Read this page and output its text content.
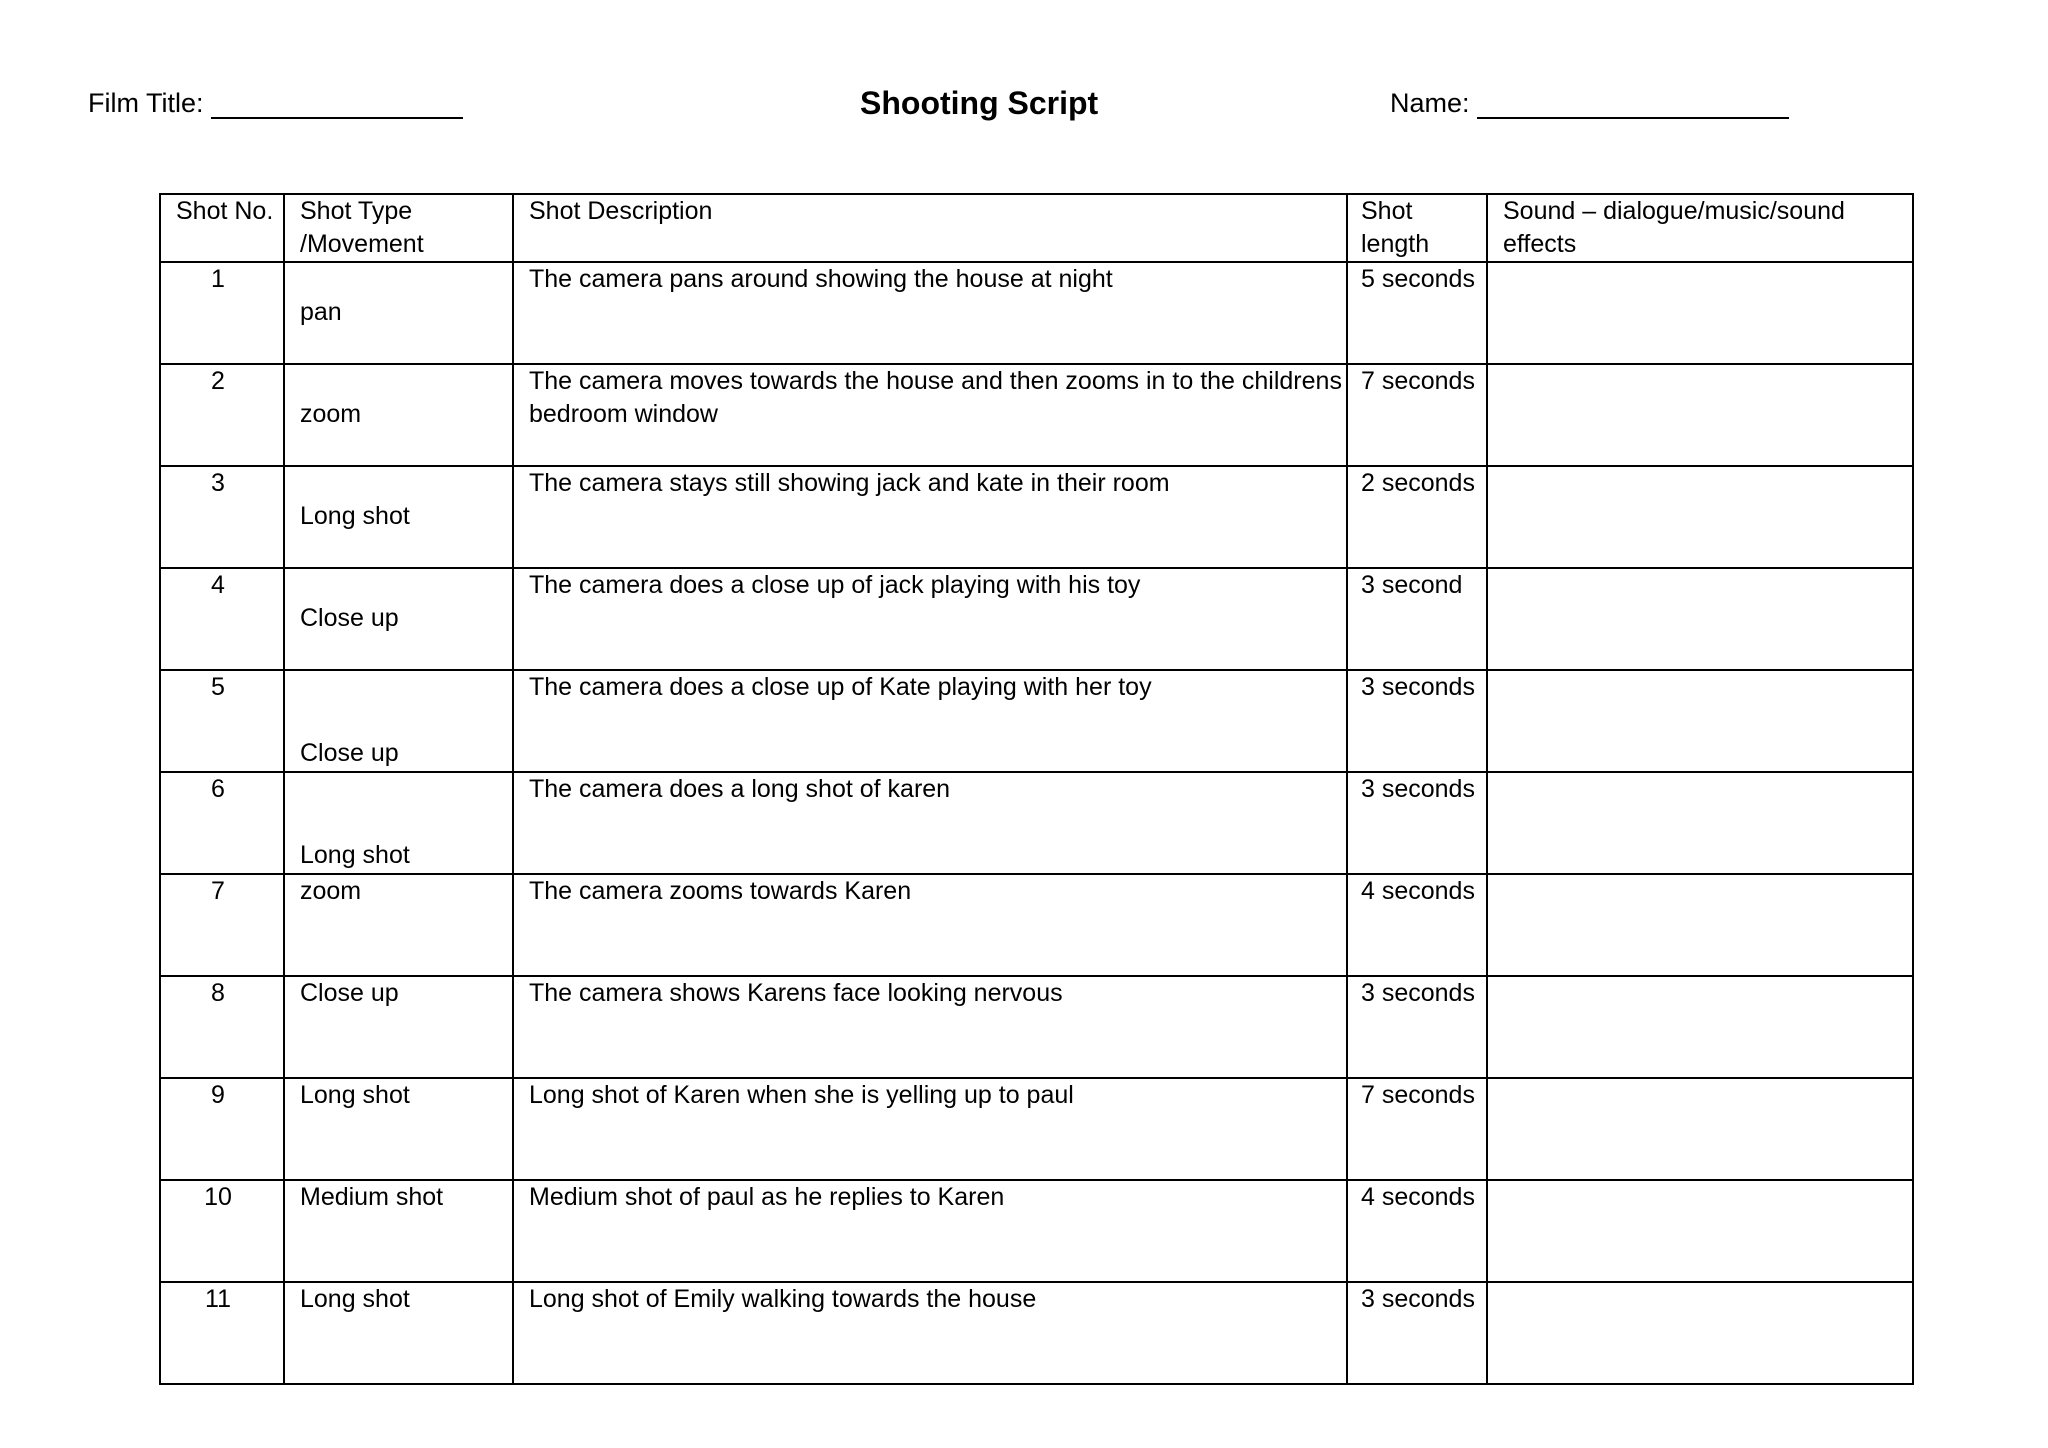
Film Title:	Shooting Script	Name:
Shot No.	Shot Type /Movement	Shot Description	Shot length	Sound – dialogue/music/sound effects
1	pan	The camera pans around showing the house at night	5 seconds	
2	zoom	The camera moves towards the house and then zooms in to the childrens bedroom window	7 seconds	
3	Long shot	The camera stays still showing jack and kate in their room	2 seconds	
4	Close up	The camera does a close up of jack playing with his toy	3 second	
5	Close up	The camera does a close up of Kate playing with her toy	3 seconds	
6	Long shot	The camera does a long shot of karen	3 seconds	
7	zoom	The camera zooms towards Karen	4 seconds	
8	Close up	The camera shows Karens face looking nervous	3 seconds	
9	Long shot	Long shot of Karen when she is yelling up to paul	7 seconds	
10	Medium shot	Medium shot of paul as he replies to Karen	4 seconds	
11	Long shot	Long shot of Emily walking towards the house	3 seconds	
